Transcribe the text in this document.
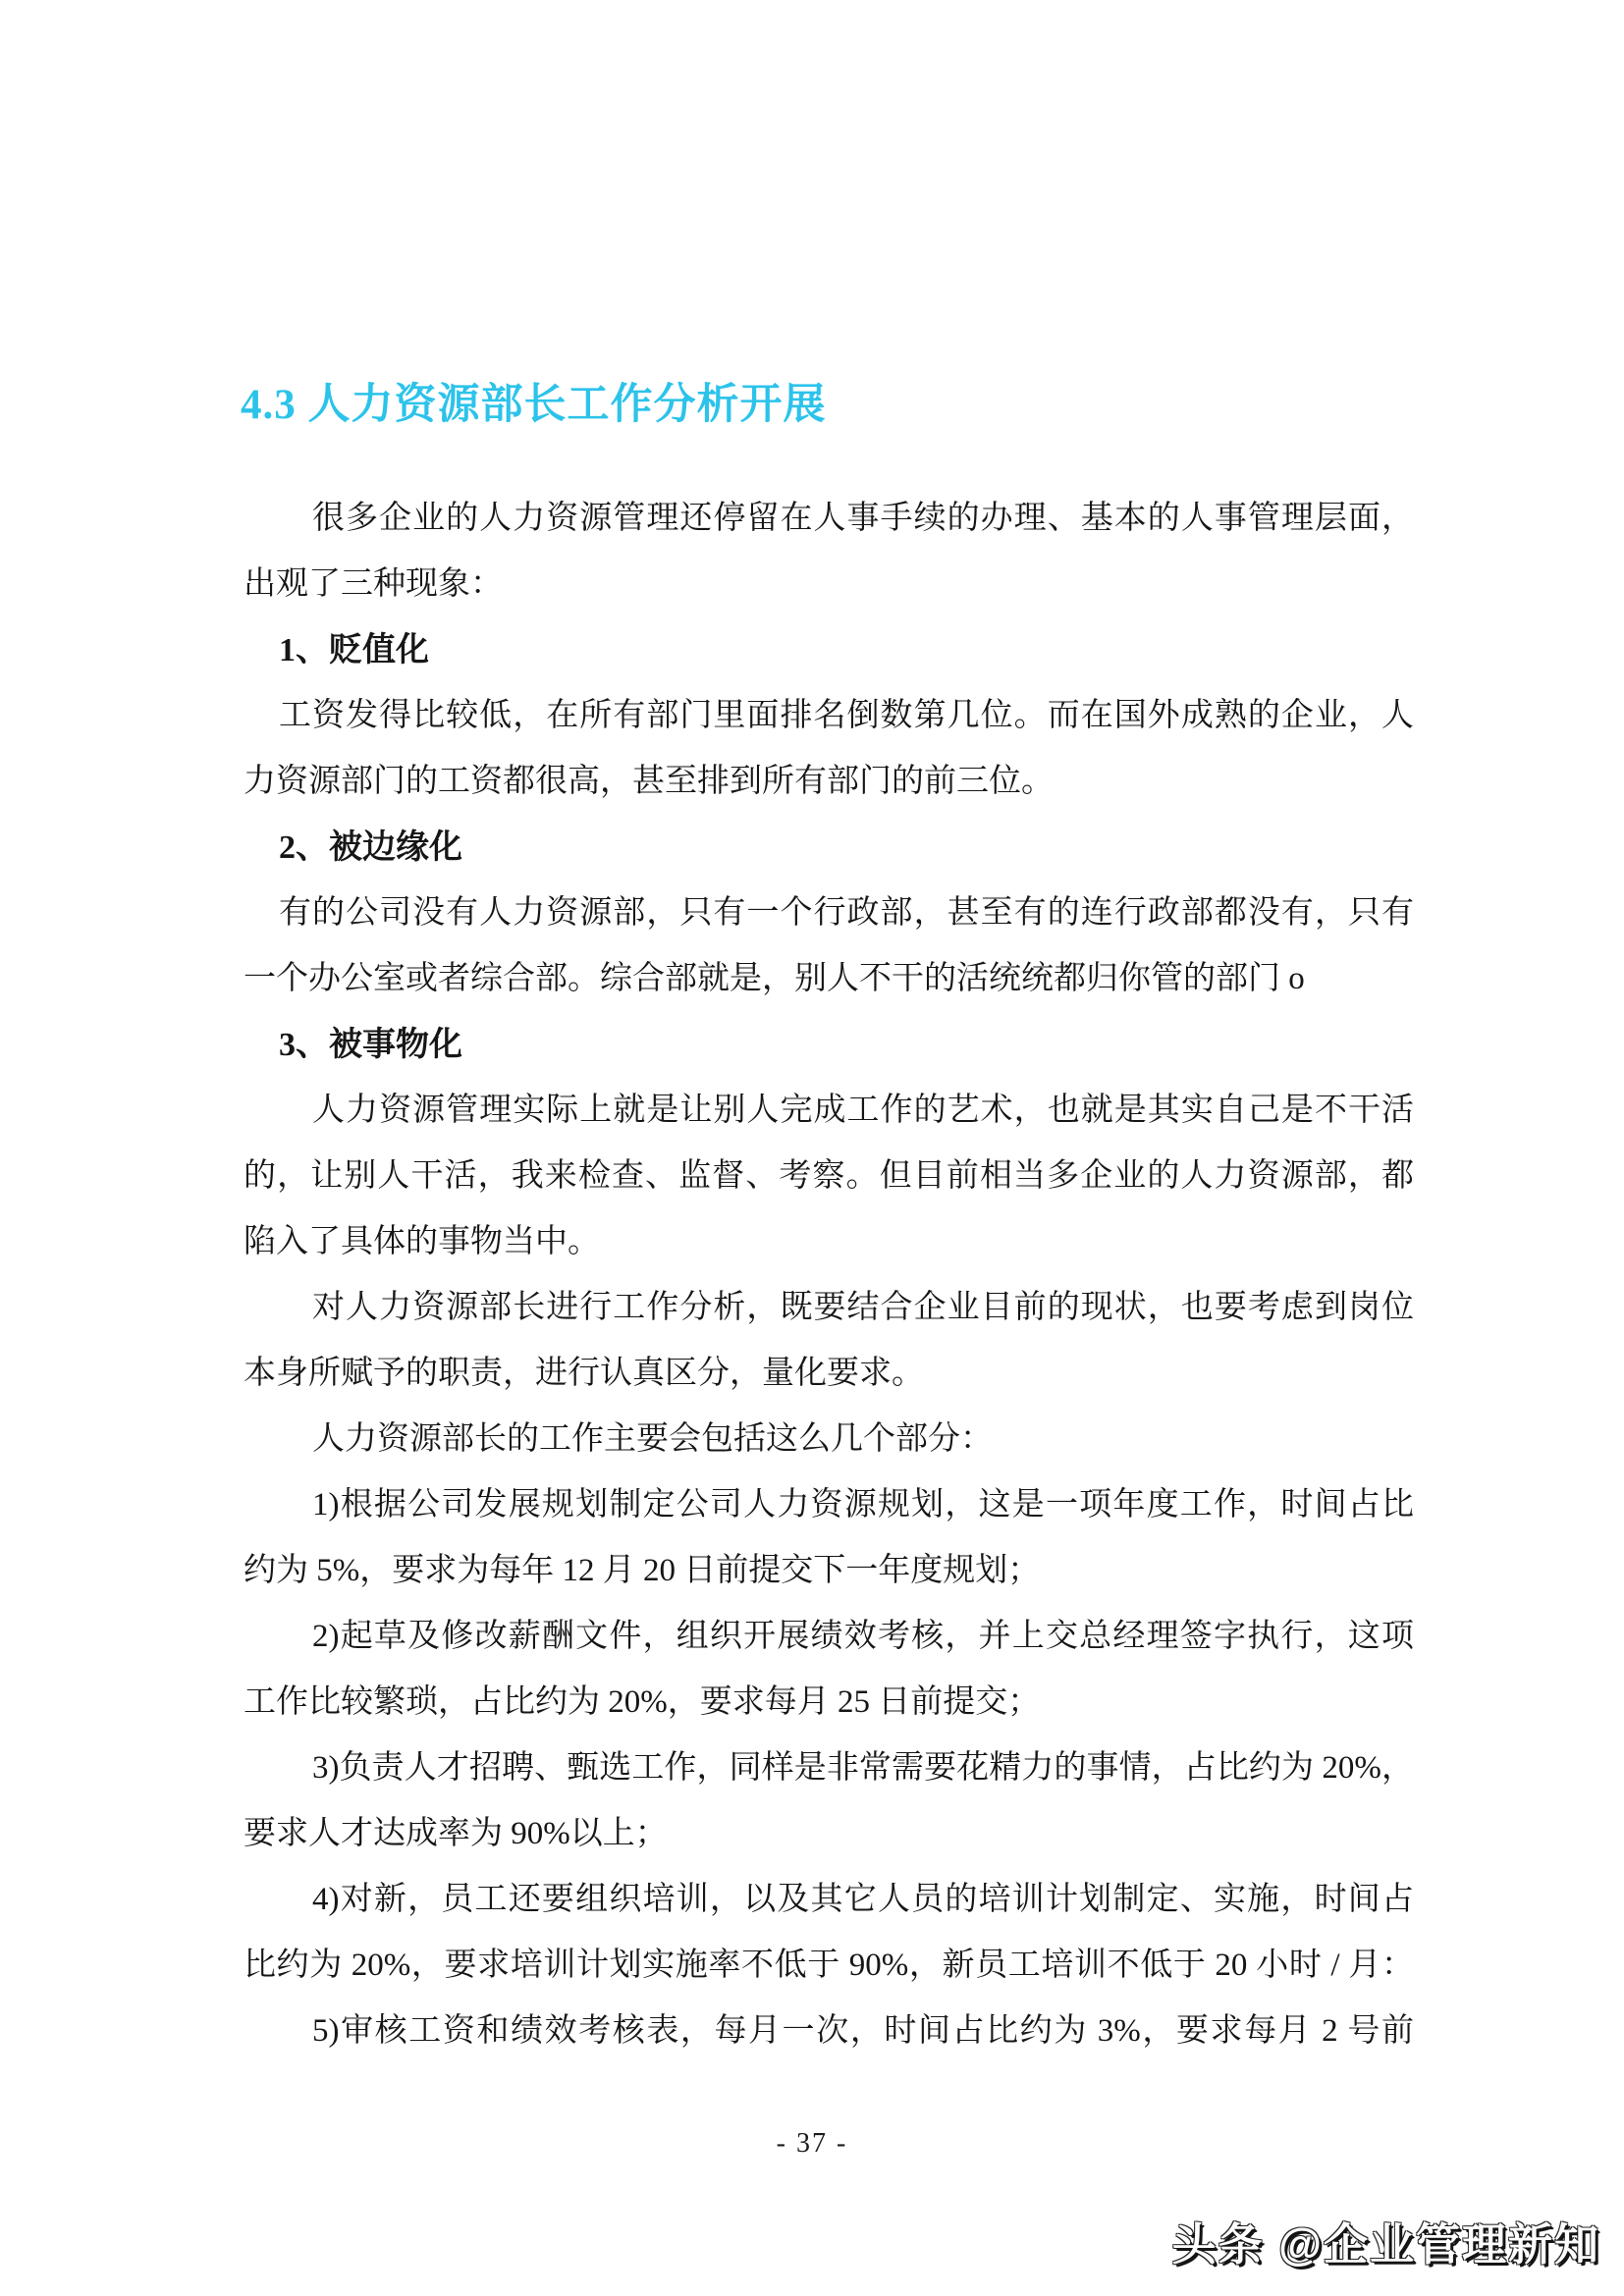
4.3 人力资源部长工作分析开展
很多企业的人力资源管理还停留在人事手续的办理、基本的人事管理层面，
出观了三种现象：
1、贬值化
工资发得比较低，在所有部门里面排名倒数第几位。而在国外成熟的企业，人
力资源部门的工资都很高，甚至排到所有部门的前三位。
2、被边缘化
有的公司没有人力资源部，只有一个行政部，甚至有的连行政部都没有，只有
一个办公室或者综合部。综合部就是，别人不干的活统统都归你管的部门 o
3、被事物化
人力资源管理实际上就是让别人完成工作的艺术，也就是其实自己是不干活
的，让别人干活，我来检查、监督、考察。但目前相当多企业的人力资源部，都
陷入了具体的事物当中。
对人力资源部长进行工作分析，既要结合企业目前的现状，也要考虑到岗位
本身所赋予的职责，进行认真区分，量化要求。
人力资源部长的工作主要会包括这么几个部分：
1)根据公司发展规划制定公司人力资源规划，这是一项年度工作，时间占比
约为 5%，要求为每年 12 月 20 日前提交下一年度规划；
2)起草及修改薪酬文件，组织开展绩效考核，并上交总经理签字执行，这项
工作比较繁琐，占比约为 20%，要求每月 25 日前提交；
3)负责人才招聘、甄选工作，同样是非常需要花精力的事情，占比约为 20%，
要求人才达成率为 90%以上；
4)对新，员工还要组织培训，以及其它人员的培训计划制定、实施，时间占
比约为 20%，要求培训计划实施率不低于 90%，新员工培训不低于 20 小时 / 月：
5)审核工资和绩效考核表，每月一次，时间占比约为 3%，要求每月 2 号前
- 37 -
头条 @企业管理新知
